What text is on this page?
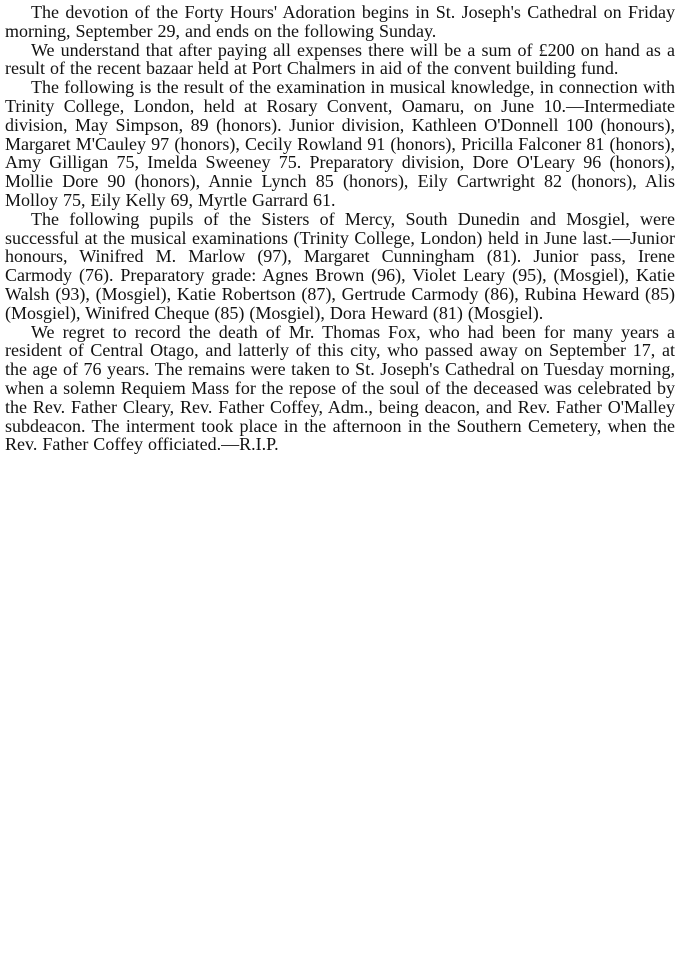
The devotion of the Forty Hours' Adoration begins in St. Joseph's Cathedral on Friday morning, September 29, and ends on the following Sunday.

We understand that after paying all expenses there will be a sum of £200 on hand as a result of the recent bazaar held at Port Chalmers in aid of the convent building fund.

The following is the result of the examination in musical knowledge, in connection with Trinity College, London, held at Rosary Convent, Oamaru, on June 10.—Intermediate division, May Simpson, 89 (honors). Junior division, Kathleen O'Donnell 100 (honours), Margaret M'Cauley 97 (honors), Cecily Rowland 91 (honors), Pricilla Falconer 81 (honors), Amy Gilligan 75, Imelda Sweeney 75. Preparatory division, Dore O'Leary 96 (honors), Mollie Dore 90 (honors), Annie Lynch 85 (honors), Eily Cartwright 82 (honors), Alis Molloy 75, Eily Kelly 69, Myrtle Garrard 61.

The following pupils of the Sisters of Mercy, South Dunedin and Mosgiel, were successful at the musical examinations (Trinity College, London) held in June last.—Junior honours, Winifred M. Marlow (97), Margaret Cunningham (81). Junior pass, Irene Carmody (76). Preparatory grade: Agnes Brown (96), Violet Leary (95), (Mosgiel), Katie Walsh (93), (Mosgiel), Katie Robertson (87), Gertrude Carmody (86), Rubina Heward (85) (Mosgiel), Winifred Cheque (85) (Mosgiel), Dora Heward (81) (Mosgiel).

We regret to record the death of Mr. Thomas Fox, who had been for many years a resident of Central Otago, and latterly of this city, who passed away on September 17, at the age of 76 years. The remains were taken to St. Joseph's Cathedral on Tuesday morning, when a solemn Requiem Mass for the repose of the soul of the deceased was celebrated by the Rev. Father Cleary, Rev. Father Coffey, Adm., being deacon, and Rev. Father O'Malley subdeacon. The interment took place in the afternoon in the Southern Cemetery, when the Rev. Father Coffey officiated.—R.I.P.
